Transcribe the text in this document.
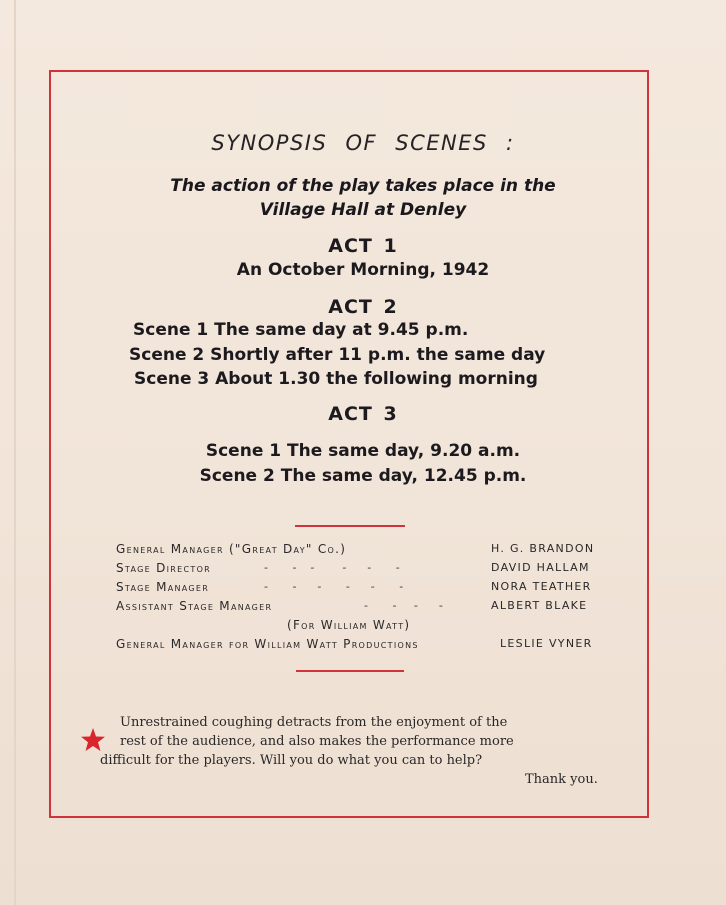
SYNOPSIS OF SCENES :
The action of the play takes place in the
Village Hall at Denley
ACT 1
An October Morning, 1942
ACT 2
Scene 1 The same day at 9.45 p.m.
Scene 2 Shortly after 11 p.m. the same day
Scene 3 About 1.30 the following morning
ACT 3
Scene 1 The same day, 9.20 a.m.
Scene 2 The same day, 12.45 p.m.
General Manager ("Great Day" Co.)	H. G. BRANDON
Stage Director	-       -    -        -      -       -	DAVID HALLAM
Stage Manager	-       -      -       -      -       -	NORA TEATHER
Assistant Stage Manager	-       -     -      -	ALBERT BLAKE
(For William Watt)
General Manager for William Watt Productions	LESLIE VYNER
Unrestrained coughing detracts from the enjoyment of the
rest of the audience, and also makes the performance more
difficult for the players. Will you do what you can to help?
Thank you.
